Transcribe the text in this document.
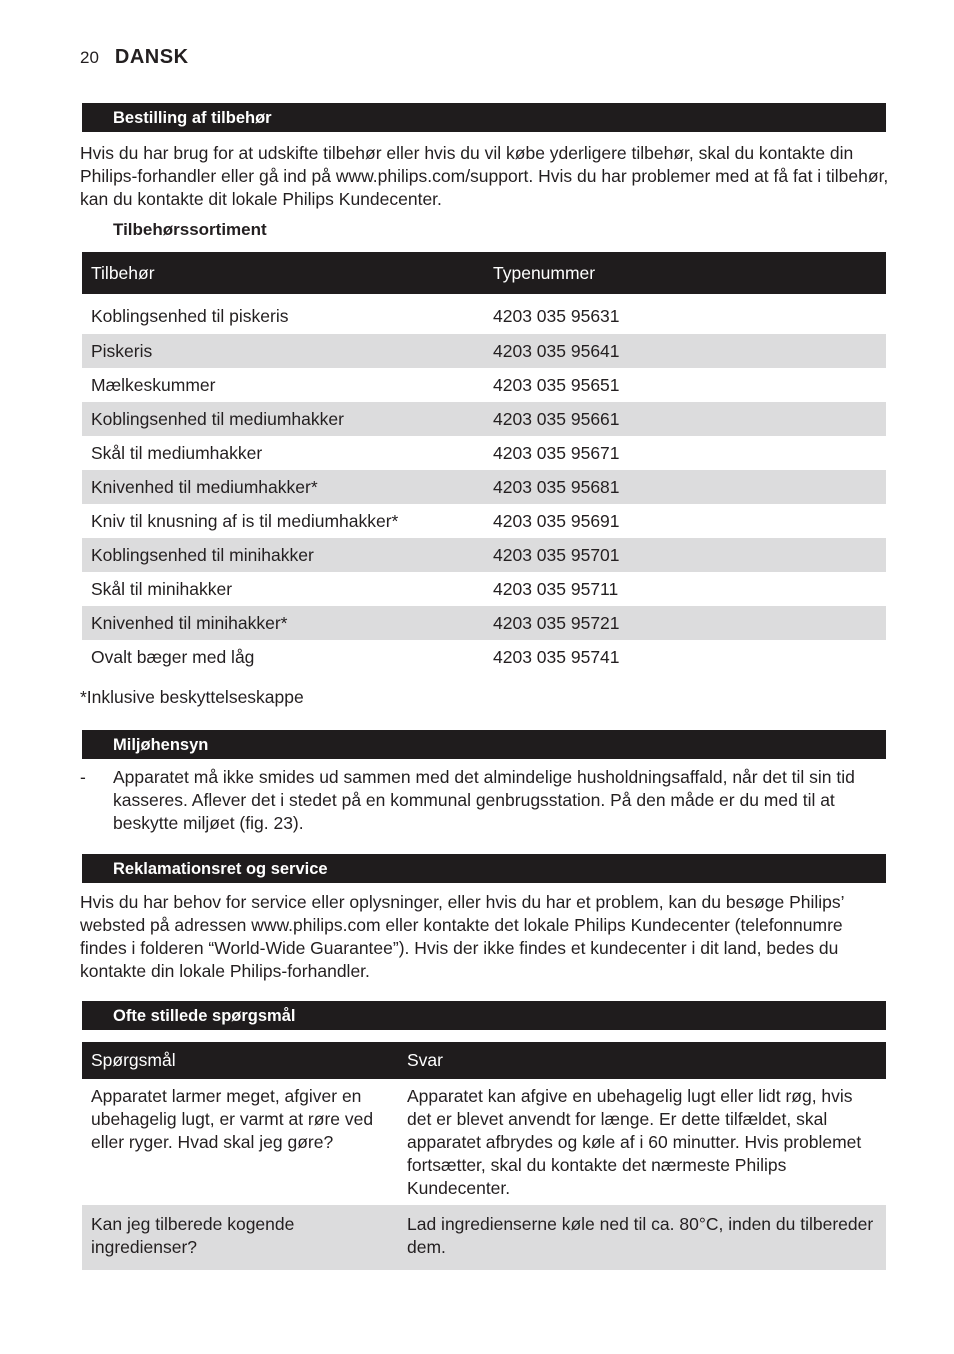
20 DANSK
Bestilling af tilbehør

Hvis du har brug for at udskifte tilbehør eller hvis du vil købe yderligere tilbehør, skal du kontakte din Philips-forhandler eller gå ind på www.philips.com/support. Hvis du har problemer med at få fat i tilbehør, kan du kontakte dit lokale Philips Kundecenter.

Tilbehørssortiment
Tilbehør	Typenummer
Koblingsenhed til piskeris	4203 035 95631
Piskeris	4203 035 95641
Mælkeskummer	4203 035 95651
Koblingsenhed til mediumhakker	4203 035 95661
Skål til mediumhakker	4203 035 95671
Knivenhed til mediumhakker*	4203 035 95681
Kniv til knusning af is til mediumhakker*	4203 035 95691
Koblingsenhed til minihakker	4203 035 95701
Skål til minihakker	4203 035 95711
Knivenhed til minihakker*	4203 035 95721
Ovalt bæger med låg	4203 035 95741
*Inklusive beskyttelseskappe
Miljøhensyn
- Apparatet må ikke smides ud sammen med det almindelige husholdningsaffald, når det til sin tid kasseres. Aflever det i stedet på en kommunal genbrugsstation. På den måde er du med til at beskytte miljøet (fig. 23).
Reklamationsret og service

Hvis du har behov for service eller oplysninger, eller hvis du har et problem, kan du besøge Philips’ websted på adressen www.philips.com eller kontakte det lokale Philips Kundecenter (telefonnumre findes i folderen “World-Wide Guarantee”). Hvis der ikke findes et kundecenter i dit land, bedes du kontakte din lokale Philips-forhandler.

Ofte stillede spørgsmål
Spørgsmål	Svar
Apparatet larmer meget, afgiver en ubehagelig lugt, er varmt at røre ved eller ryger. Hvad skal jeg gøre?	Apparatet kan afgive en ubehagelig lugt eller lidt røg, hvis det er blevet anvendt for længe. Er dette tilfældet, skal apparatet afbrydes og køle af i 60 minutter. Hvis problemet fortsætter, skal du kontakte det nærmeste Philips Kundecenter.
Kan jeg tilberede kogende ingredienser?	Lad ingredienserne køle ned til ca. 80°C, inden du tilbereder dem.
